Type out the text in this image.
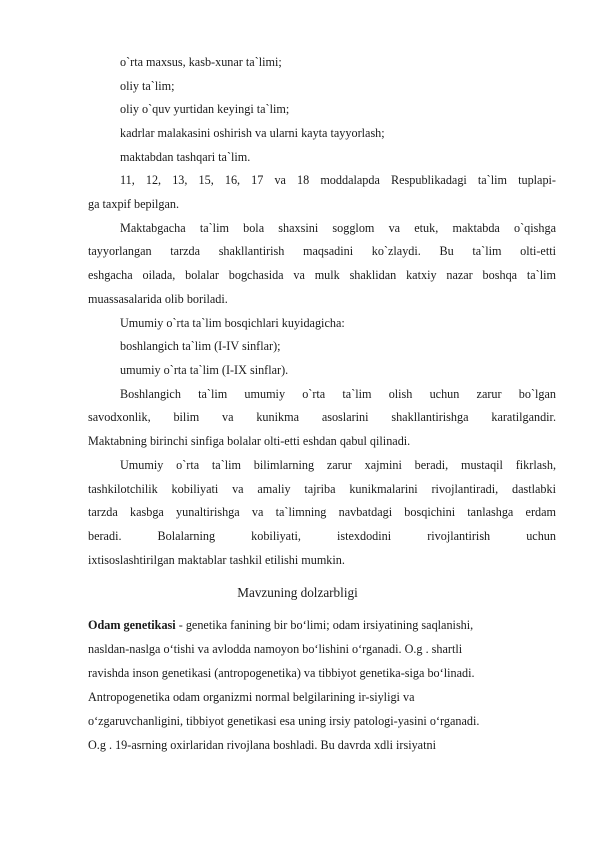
o`rta maxsus, kasb-xunar ta`limi;
oliy ta`lim;
oliy o`quv yurtidan keyingi ta`lim;
kadrlar malakasini oshirish va ularni kayta tayyorlash;
maktabdan tashqari ta`lim.
11, 12, 13, 15, 16, 17 va 18 moddalapda Respublikadagi ta`lim tuplapi-
ga taxpif bepilgan.
Maktabgacha ta`lim bola shaxsini sogglom va etuk, maktabda o`qishga
tayyorlangan tarzda shakllantirish maqsadini ko`zlaydi. Bu ta`lim olti-etti
eshgacha oilada, bolalar bogchasida va mulk shaklidan katxiy nazar boshqa ta`lim
muassasalarida olib boriladi.
Umumiy o`rta ta`lim bosqichlari kuyidagicha:
boshlangich ta`lim (I-IV sinflar);
umumiy o`rta ta`lim (I-IX sinflar).
Boshlangich ta`lim umumiy o`rta ta`lim olish uchun zarur bo`lgan
savodxonlik, bilim va kunikma asoslarini shakllantirishga karatilgandir.
Maktabning birinchi sinfiga bolalar olti-etti eshdan qabul qilinadi.
Umumiy o`rta ta`lim bilimlarning zarur xajmini beradi, mustaqil fikrlash,
tashkilotchilik kobiliyati va amaliy tajriba kunikmalarini rivojlantiradi, dastlabki
tarzda kasbga yunaltirishga va ta`limning navbatdagi bosqichini tanlashga erdam
beradi. Bolalarning kobiliyati, istexdodini rivojlantirish uchun
ixtisoslashtirilgan maktablar tashkil etilishi mumkin.
Mavzuning dolzarbligi
Odam genetikasi - genetika fanining bir bo‘limi; odam irsiyatining saqlanishi,
nasldan-naslga o‘tishi va avlodda namoyon bo‘lishini o‘rganadi. O.g . shartli
ravishda inson genetikasi (antropogenetika) va tibbiyot genetika-siga bo‘linadi.
Antropogenetika odam organizmi normal belgilarining ir-siyligi va
o‘zgaruvchanligini, tibbiyot genetikasi esa uning irsiy patologi-yasini o‘rganadi.
O.g . 19-asrning oxirlaridan rivojlana boshladi. Bu davrda xdli irsiyatni
